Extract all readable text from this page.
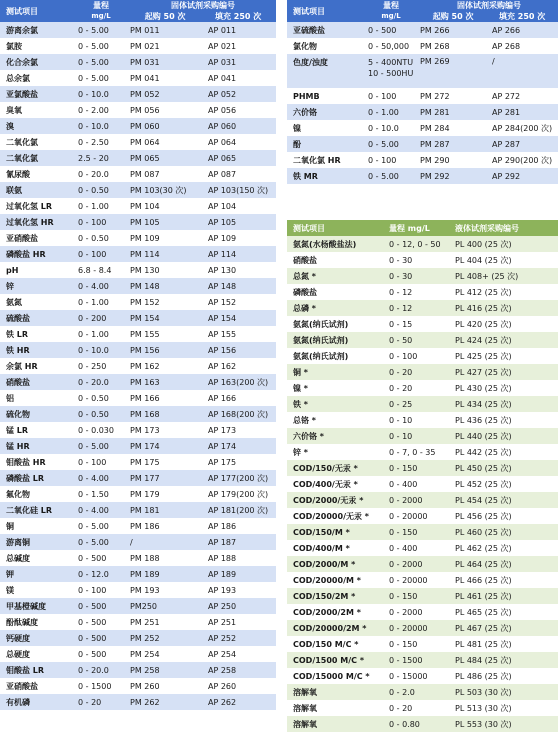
测试项目	量程
mg/L	固体试剂采购编号
起购 50 次 填充 250 次	

游离余氯	0 - 5.00	PM 011	AP 011
氯胺	0 - 5.00	PM 021	AP 021
化合余氯	0 - 5.00	PM 031	AP 031
总余氯	0 - 5.00	PM 041	AP 041
亚氯酸盐	0 - 10.0	PM 052	AP 052
臭氧	0 - 2.00	PM 056	AP 056
溴	0 - 10.0	PM 060	AP 060
二氧化氯	0 - 2.50	PM 064	AP 064
二氧化氯	2.5 - 20	PM 065	AP 065
氰尿酸	0 - 20.0	PM 087	AP 087
联氨	0 - 0.50	PM 103(30 次)	AP 103(150 次)
过氧化氢 LR	0 - 1.00	PM 104	AP 104
过氧化氢 HR	0 - 100	PM 105	AP 105
亚硝酸盐	0 - 0.50	PM 109	AP 109
磷酸盐 HR	0 - 100	PM 114	AP 114
pH	6.8 - 8.4	PM 130	AP 130
锌	0 - 4.00	PM 148	AP 148
氨氮	0 - 1.00	PM 152	AP 152
硫酸盐	0 - 200	PM 154	AP 154
铁 LR	0 - 1.00	PM 155	AP 155
铁 HR	0 - 10.0	PM 156	AP 156
余氯 HR	0 - 250	PM 162	AP 162
硝酸盐	0 - 20.0	PM 163	AP 163(200 次)
铝	0 - 0.50	PM 166	AP 166
硫化物	0 - 0.50	PM 168	AP 168(200 次)
锰 LR	0 - 0.030	PM 173	AP 173
锰 HR	0 - 5.00	PM 174	AP 174
钼酸盐 HR	0 - 100	PM 175	AP 175
磷酸盐 LR	0 - 4.00	PM 177	AP 177(200 次)
氟化物	0 - 1.50	PM 179	AP 179(200 次)
二氧化硅 LR	0 - 4.00	PM 181	AP 181(200 次)
铜	0 - 5.00	PM 186	AP 186
游离铜	0 - 5.00	/	AP 187
总碱度	0 - 500	PM 188	AP 188
钾	0 - 12.0	PM 189	AP 189
镁	0 - 100	PM 193	AP 193
甲基橙碱度	0 - 500	PM250	AP 250
酚酞碱度	0 - 500	PM 251	AP 251
钙硬度	0 - 500	PM 252	AP 252
总硬度	0 - 500	PM 254	AP 254
钼酸盐 LR	0 - 20.0	PM 258	AP 258
亚硝酸盐	0 - 1500	PM 260	AP 260
有机磷	0 - 20	PM 262	AP 262
测试项目	量程
mg/L	固体试剂采购编号
起购 50 次 填充 250 次	

亚硫酸盐	0 - 500	PM 266	AP 266
氯化物	0 - 50,000	PM 268	AP 268
色度/浊度	5 - 400NTU
10 - 500HU	PM 269	/
PHMB	0 - 100	PM 272	AP 272
六价铬	0 - 1.00	PM 281	AP 281
镍	0 - 10.0	PM 284	AP 284(200 次)
酚	0 - 5.00	PM 287	AP 287
二氧化氯 HR	0 - 100	PM 290	AP 290(200 次)
铁 MR	0 - 5.00	PM 292	AP 292
测试项目	量程 mg/L	液体试剂采购编号
氨氮(水杨酸盐法)	0 - 12, 0 - 50	PL 400 (25 次)
硝酸盐	0 - 30	PL 404 (25 次)
总氮 *	0 - 30	PL 408+ (25 次)
磷酸盐	0 - 12	PL 412 (25 次)
总磷 *	0 - 12	PL 416 (25 次)
氨氮(纳氏试剂)	0 - 15	PL 420 (25 次)
氨氮(纳氏试剂)	0 - 50	PL 424 (25 次)
氨氮(纳氏试剂)	0 - 100	PL 425 (25 次)
铜 *	0 - 20	PL 427 (25 次)
镍 *	0 - 20	PL 430 (25 次)
铁 *	0 - 25	PL 434 (25 次)
总铬 *	0 - 10	PL 436 (25 次)
六价铬 *	0 - 10	PL 440 (25 次)
锌 *	0 - 7, 0 - 35	PL 442 (25 次)
COD/150/无汞 *	0 - 150	PL 450 (25 次)
COD/400/无汞 *	0 - 400	PL 452 (25 次)
COD/2000/无汞 *	0 - 2000	PL 454 (25 次)
COD/20000/无汞 *	0 - 20000	PL 456 (25 次)
COD/150/M *	0 - 150	PL 460 (25 次)
COD/400/M *	0 - 400	PL 462 (25 次)
COD/2000/M *	0 - 2000	PL 464 (25 次)
COD/20000/M *	0 - 20000	PL 466 (25 次)
COD/150/2M *	0 - 150	PL 461 (25 次)
COD/2000/2M *	0 - 2000	PL 465 (25 次)
COD/20000/2M *	0 - 20000	PL 467 (25 次)
COD/150 M/C *	0 - 150	PL 481 (25 次)
COD/1500 M/C *	0 - 1500	PL 484 (25 次)
COD/15000 M/C *	0 - 15000	PL 486 (25 次)
溶解氧	0 - 2.0	PL 503 (30 次)
溶解氧	0 - 20	PL 513 (30 次)
溶解氧	0 - 0.80	PL 553 (30 次)
